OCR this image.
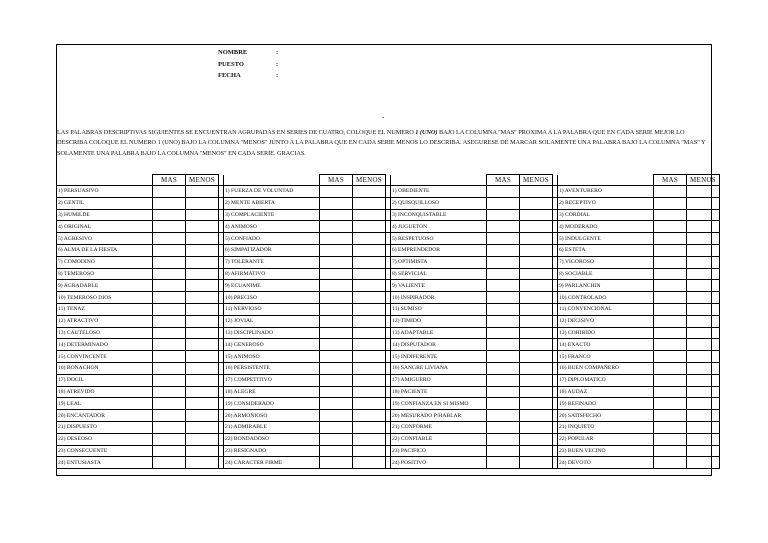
NOMBRE	:
PUESTO	:
FECHA	:
-
LAS PALABRAS DESCRIPTIVAS SIGUIENTES SE ENCUENTRAN AGRUPADAS EN SERIES DE CUATRO, COLOQUE EL NUMERO 1 (UNO) BAJO LA COLUMNA "MAS" PROXIMA A LA PALABRA QUE EN CADA SERIE MEJOR LO DESCRIBA COLOQUE EL NUMERO 1 (UNO) BAJO LA COLUMNA "MENOS" JUNTO A LA PALABRA QUE EN CADA SERIE MENOS LO DESCRIBA. ASEGURESE DE MARCAR SOLAMENTE UNA PALABRA BAJO LA COLUMNA "MAS" Y SOLAMENTE UNA PALABRA BAJO LA COLUMNA "MENOS" EN CADA SERIE. GRACIAS.
	MAS	MENOS			MAS	MENOS			MAS	MENOS			MAS	MENOS
1) PERSUASIVO				1) FUERZA DE VOLUNTAD				1) OBEDIENTE				1) AVENTURERO		
2) GENTIL				2) MENTE ABIERTA				2) QUISQUILLOSO				2) RECEPTIVO		
3) HUMILDE				3) COMPLACIENTE				3) INCONQUISTABLE				3) CORDIAL		
4) ORIGINAL				4) ANIMOSO				4) JUGUETON				4) MODERADO		
5) AGRESIVO				5) CONFIADO				5) RESPETUOSO				5) INDULGENTE		
6) ALMA DE LA FIESTA				6) SIMPATIZADOR				6) EMPRENDEDOR				6) ESTETA		
7) COMODINO				7) TOLERANTE				7) OPTIMISTA				7) VIGOROSO		
8) TEMEROSO				8) AFIRMATIVO				8) SERVICIAL				8) SOCIABLE		
9) AGRADABLE				9) ECUANIME				9) VALIENTE				9) PARLANCHIN		
10) TEMEROSO DIOS				10) PRECISO				10) INSPIRADOR				10) CONTROLADO		
11) TENAZ				11) NERVIOSO				11) SUMISO				11) CONVENCIONAL		
12) ATRACTIVO				12) JOVIAL				12) TIMIDO				12) DECISIVO		
13) CAUTELOSO				13) DISCIPLINADO				13) ADAPTABLE				13) COHIBIDO		
14) DETERMINADO				14) GENEROSO				14) DISPUTADOR				14) EXACTO		
15) CONVINCENTE				15) ANIMOSO				15) INDIFERENTE				15) FRANCO		
16) BONACHON				16) PERSISTENTE				16) SANGRE LIVIANA				16) BUEN COMPAÑERO		
17) DOCIL				17) COMPETITIVO				17) AMIGUERO				17) DIPLOMATICO		
18) ATREVIDO				18) ALEGRE				18) PACIENTE				18) AUDAZ		
19) LEAL				19) CONSIDERADO				19) CONFIANZA EN SI MISMO				19) REFINADO		
20) ENCANTADOR				20) ARMONIOSO				20) MESURADO P/HABLAR				20) SATISFECHO		
21) DISPUESTO				21) ADMIRABLE				21) CONFORME				21) INQUIETO		
22) DESEOSO				22) BONDADOSO				22) CONFIABLE				22) POPULAR		
23) CONSECUENTE				23) RESIGNADO				23) PACIFICO				23) BUEN VECINO		
24) ENTUSIASTA				24) CARACTER FIRME				24) POSITIVO				24) DEVOTO		
